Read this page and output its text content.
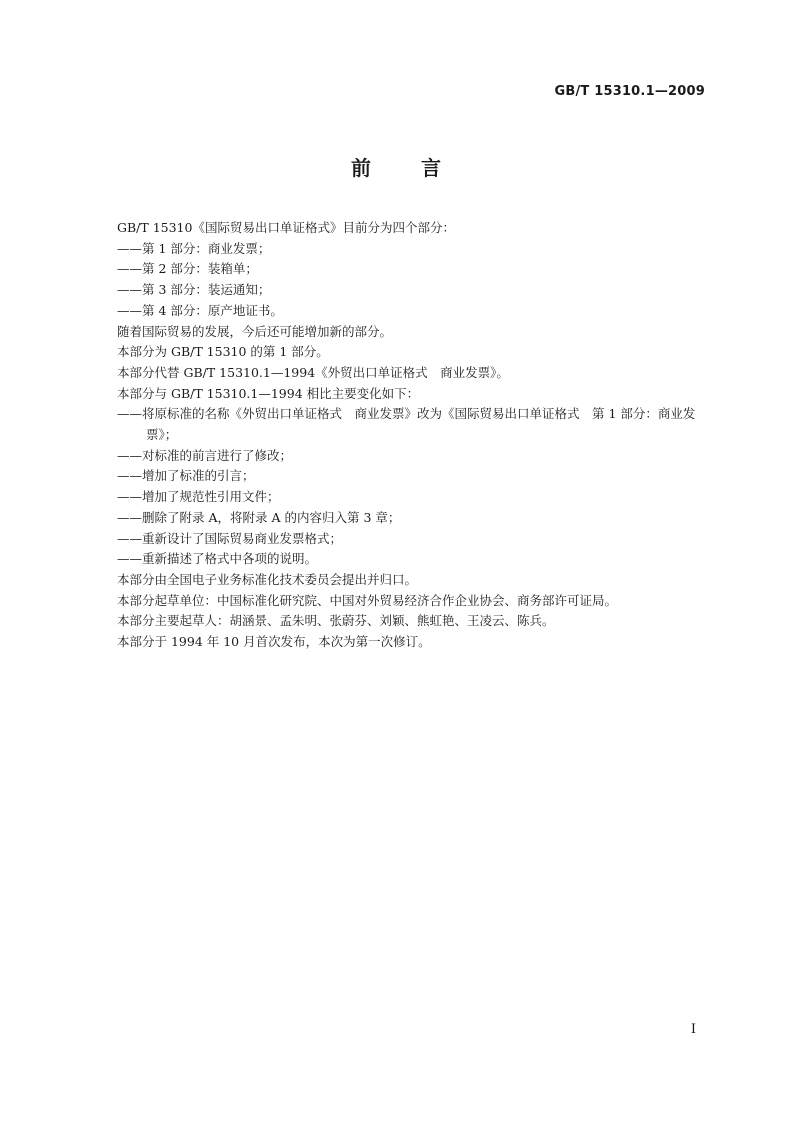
GB/T 15310.1—2009
前 言
GB/T 15310《国际贸易出口单证格式》目前分为四个部分：
——第 1 部分：商业发票；
——第 2 部分：装箱单；
——第 3 部分：装运通知；
——第 4 部分：原产地证书。
随着国际贸易的发展，今后还可能增加新的部分。
本部分为 GB/T 15310 的第 1 部分。
本部分代替 GB/T 15310.1—1994《外贸出口单证格式　商业发票》。
本部分与 GB/T 15310.1—1994 相比主要变化如下：
——将原标准的名称《外贸出口单证格式　商业发票》改为《国际贸易出口单证格式　第 1 部分：商业发票》；
——对标准的前言进行了修改；
——增加了标准的引言；
——增加了规范性引用文件；
——删除了附录 A，将附录 A 的内容归入第 3 章；
——重新设计了国际贸易商业发票格式；
——重新描述了格式中各项的说明。
本部分由全国电子业务标准化技术委员会提出并归口。
本部分起草单位：中国标准化研究院、中国对外贸易经济合作企业协会、商务部许可证局。
本部分主要起草人：胡涵景、孟朱明、张蔚芬、刘颖、熊虹艳、王凌云、陈兵。
本部分于 1994 年 10 月首次发布，本次为第一次修订。
I
